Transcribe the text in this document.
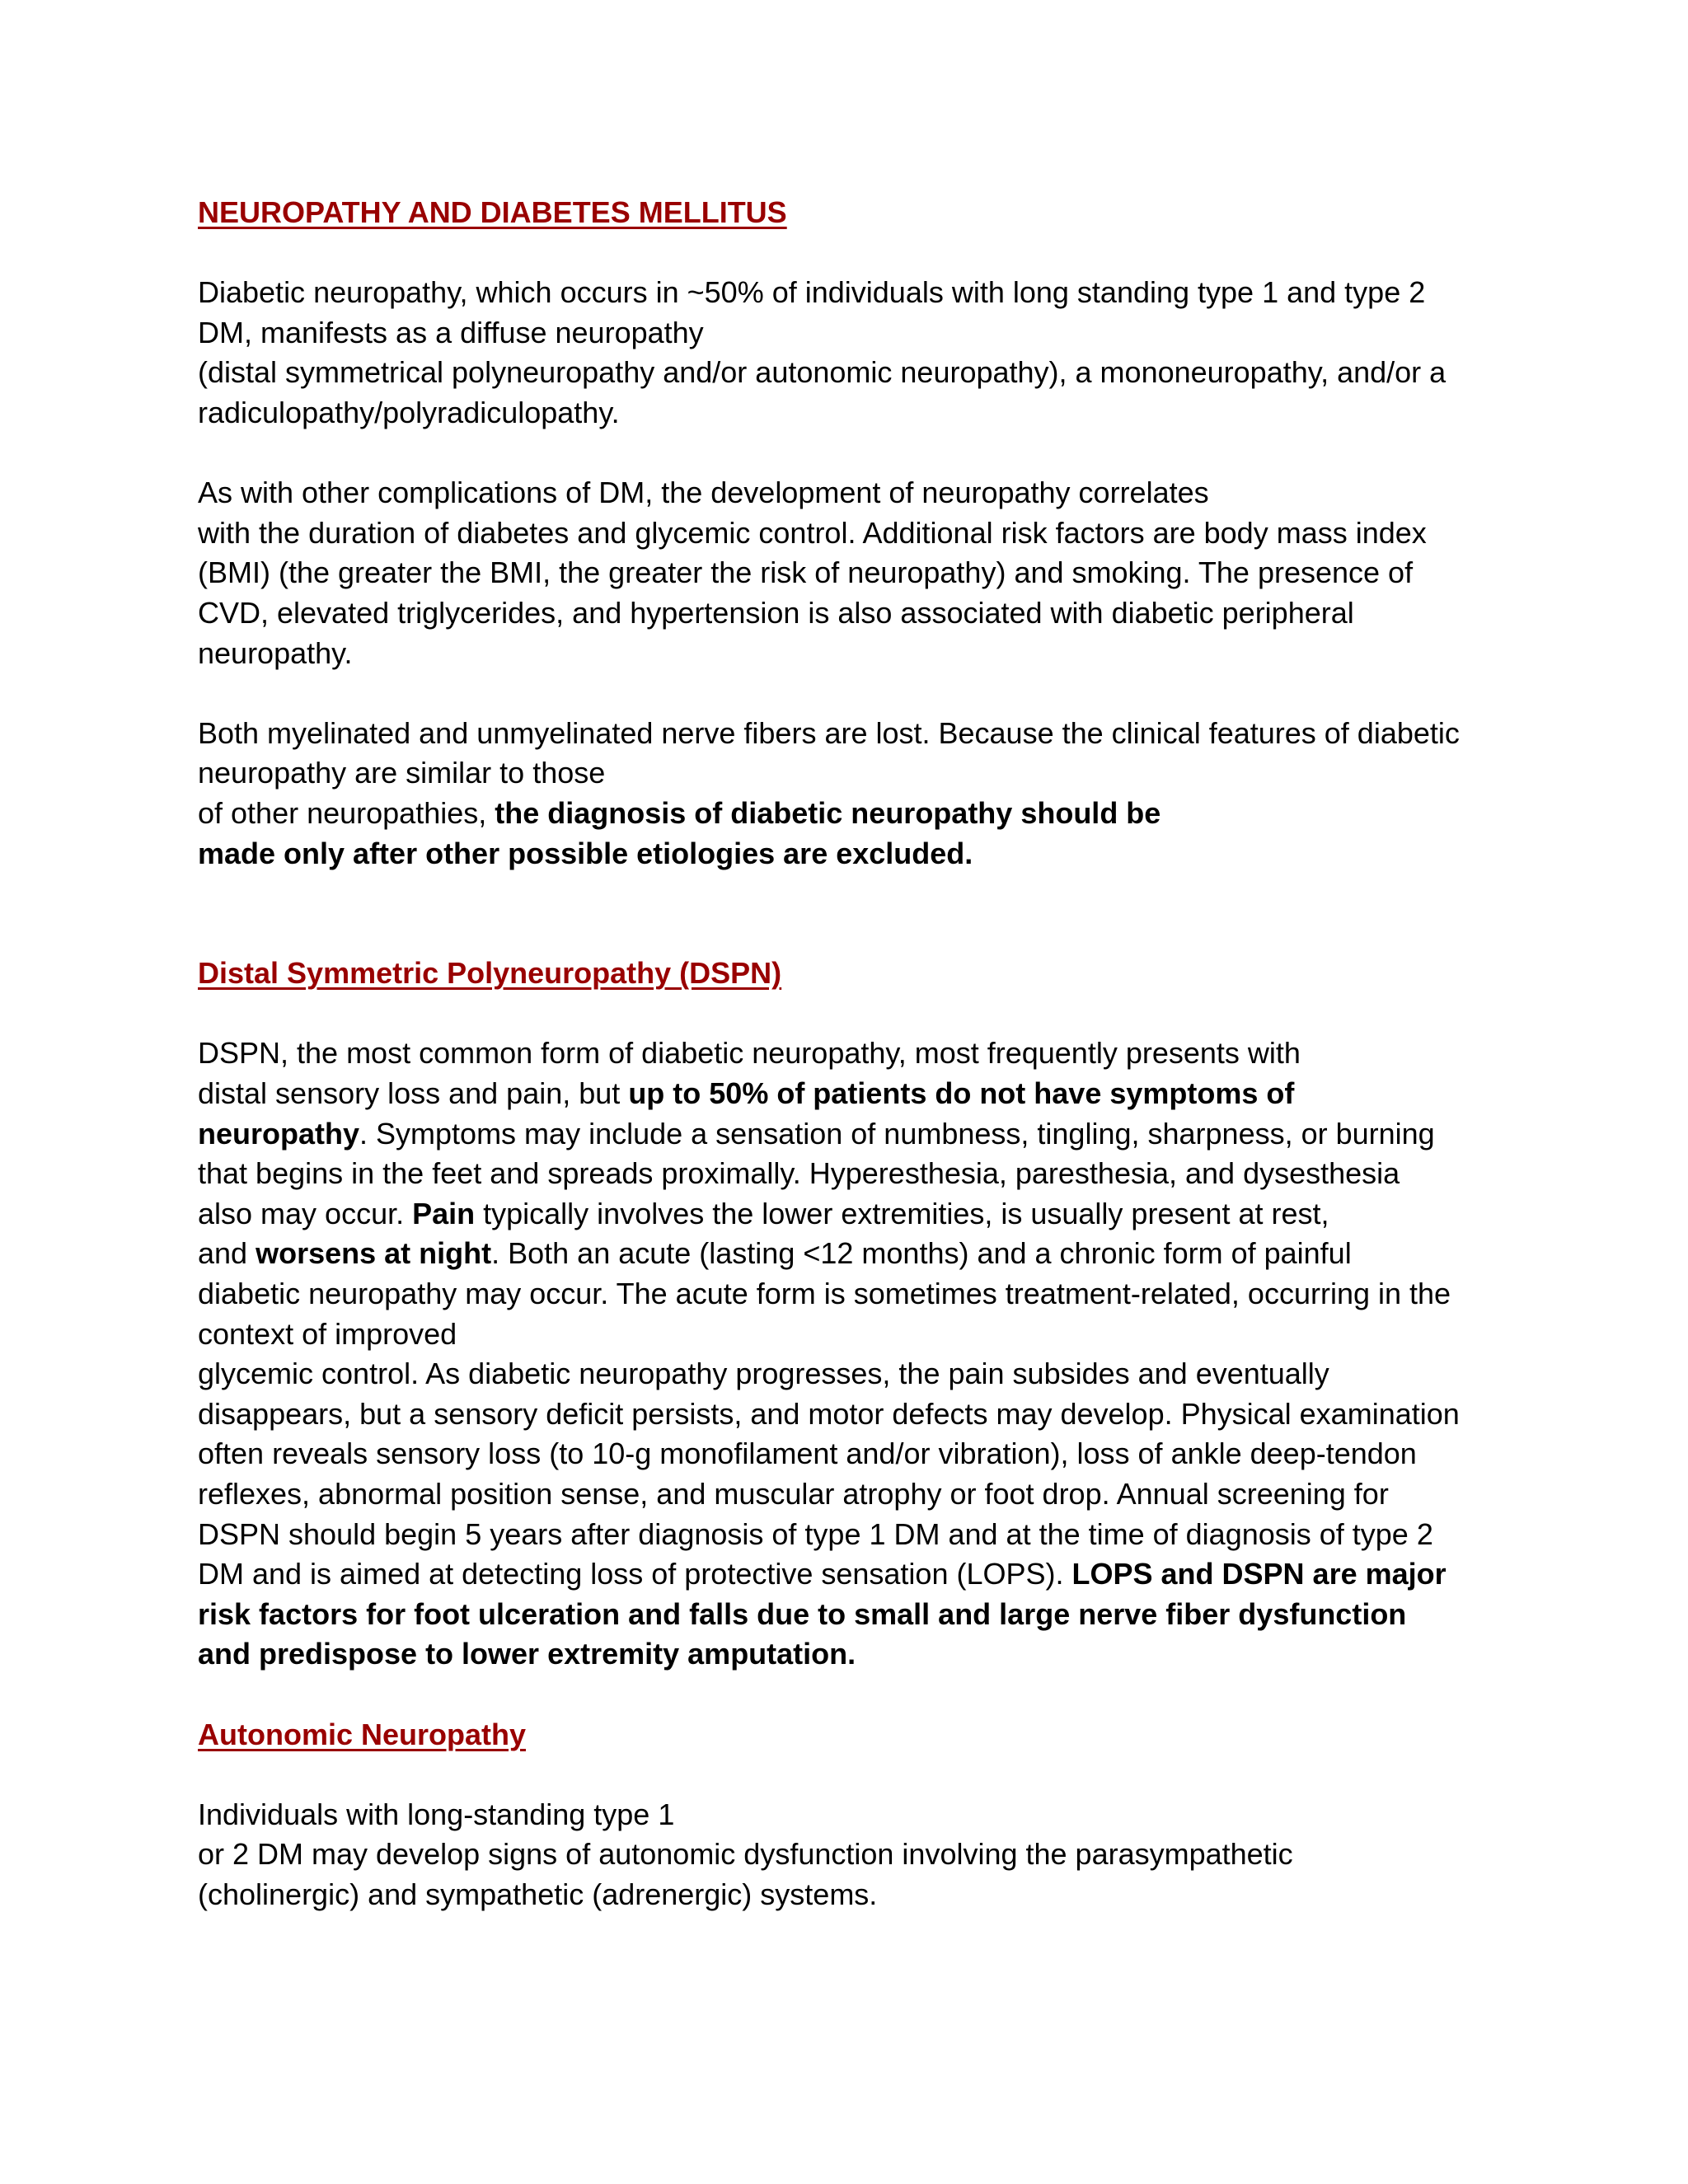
NEUROPATHY AND DIABETES MELLITUS
Diabetic neuropathy, which occurs in ~50% of individuals with long standing type 1 and type 2
DM, manifests as a diffuse neuropathy
(distal symmetrical polyneuropathy and/or autonomic neuropathy), a mononeuropathy, and/or a
radiculopathy/polyradiculopathy.
As with other complications of DM, the development of neuropathy correlates
with the duration of diabetes and glycemic control. Additional risk factors are body mass index
(BMI) (the greater the BMI, the greater the risk of neuropathy) and smoking. The presence of
CVD, elevated triglycerides, and hypertension is also associated with diabetic peripheral
neuropathy.
Both myelinated and unmyelinated nerve fibers are lost. Because the clinical features of diabetic
neuropathy are similar to those
of other neuropathies, the diagnosis of diabetic neuropathy should be
made only after other possible etiologies are excluded.
Distal Symmetric Polyneuropathy (DSPN)
DSPN, the most common form of diabetic neuropathy, most frequently presents with
distal sensory loss and pain, but up to 50% of patients do not have symptoms of
neuropathy. Symptoms may include a sensation of numbness, tingling, sharpness, or burning
that begins in the feet and spreads proximally. Hyperesthesia, paresthesia, and dysesthesia
also may occur. Pain typically involves the lower extremities, is usually present at rest,
and worsens at night. Both an acute (lasting <12 months) and a chronic form of painful
diabetic neuropathy may occur. The acute form is sometimes treatment-related, occurring in the
context of improved
glycemic control. As diabetic neuropathy progresses, the pain subsides and eventually
disappears, but a sensory deficit persists, and motor defects may develop. Physical examination
often reveals sensory loss (to 10-g monofilament and/or vibration), loss of ankle deep-tendon
reflexes, abnormal position sense, and muscular atrophy or foot drop. Annual screening for
DSPN should begin 5 years after diagnosis of type 1 DM and at the time of diagnosis of type 2
DM and is aimed at detecting loss of protective sensation (LOPS). LOPS and DSPN are major
risk factors for foot ulceration and falls due to small and large nerve fiber dysfunction
and predispose to lower extremity amputation.
Autonomic Neuropathy
Individuals with long-standing type 1
or 2 DM may develop signs of autonomic dysfunction involving the parasympathetic
(cholinergic) and sympathetic (adrenergic) systems.
